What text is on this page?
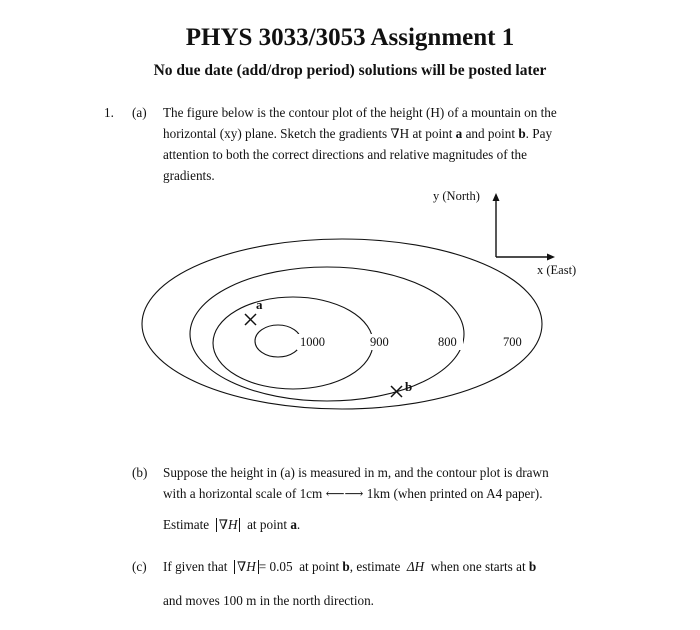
PHYS 3033/3053 Assignment 1
No due date (add/drop period) solutions will be posted later
1. (a) The figure below is the contour plot of the height (H) of a mountain on the
horizontal (xy) plane. Sketch the gradients ∇H at point a and point b. Pay
attention to both the correct directions and relative magnitudes of the
gradients.
y (North)
x (East)
1000	900	800	700
a
b
(b) Suppose the height in (a) is measured in m, and the contour plot is drawn
with a horizontal scale of 1cm ⟵⟶ 1km (when printed on A4 paper).
Estimate ∇H at point a.
(c) If given that ∇H = 0.05 at point b, estimate ΔH when one starts at b
and moves 100 m in the north direction.
